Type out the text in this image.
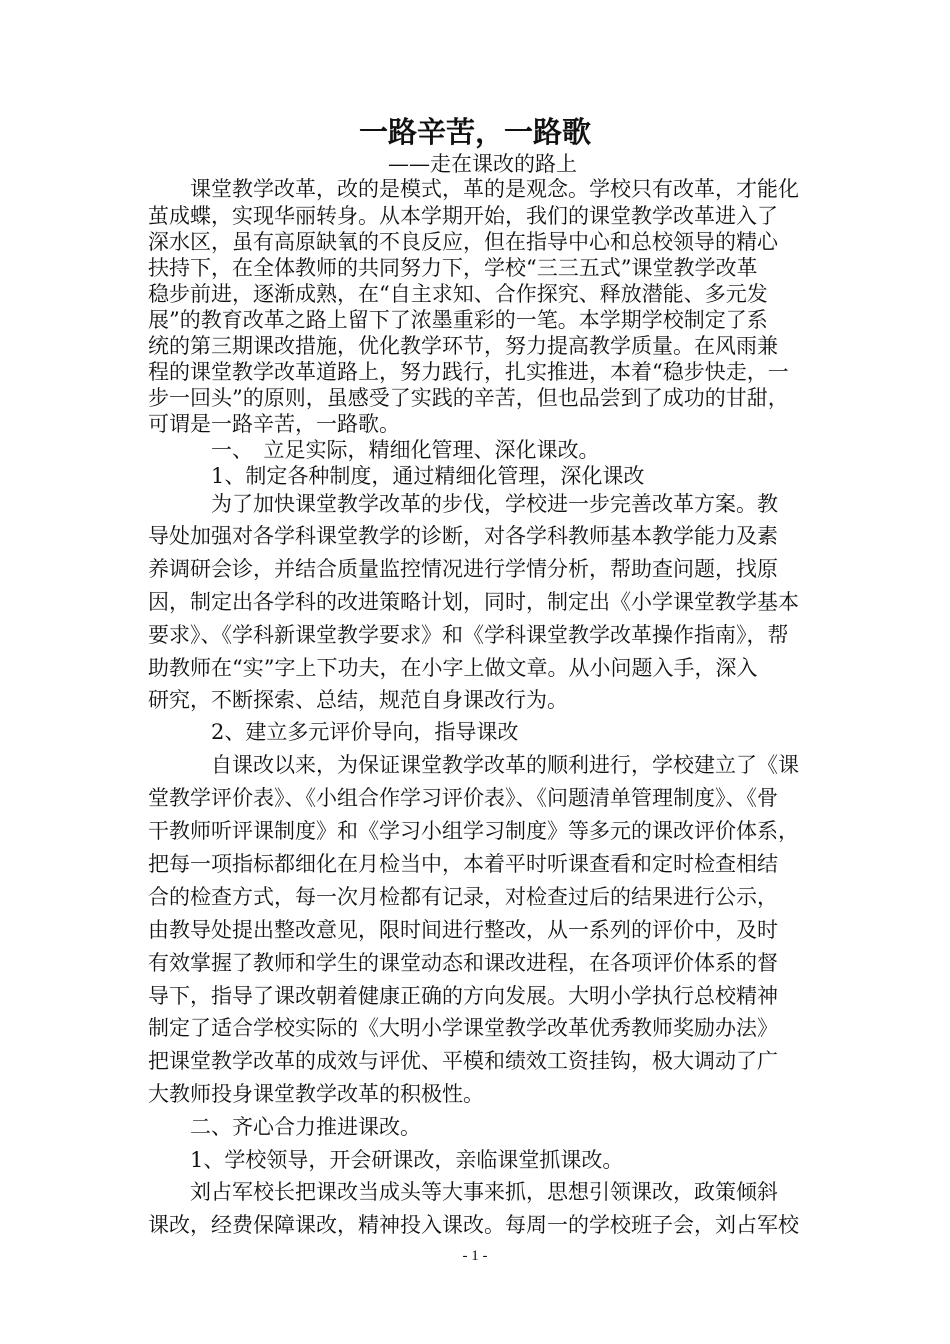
一路辛苦，一路歌
——走在课改的路上
　　课堂教学改革，改的是模式，革的是观念。学校只有改革，才能化
茧成蝶，实现华丽转身。从本学期开始，我们的课堂教学改革进入了
深水区，虽有高原缺氧的不良反应，但在指导中心和总校领导的精心
扶持下，在全体教师的共同努力下，学校“三三五式”课堂教学改革
稳步前进，逐渐成熟，在“自主求知、合作探究、释放潜能、多元发
展”的教育改革之路上留下了浓墨重彩的一笔。本学期学校制定了系
统的第三期课改措施，优化教学环节，努力提高教学质量。在风雨兼
程的课堂教学改革道路上，努力践行，扎实推进，本着“稳步快走，一
步一回头”的原则，虽感受了实践的辛苦，但也品尝到了成功的甘甜，
可谓是一路辛苦，一路歌。
　　　一、　立足实际，精细化管理、深化课改。
　　　1、制定各种制度，通过精细化管理，深化课改
　　　为了加快课堂教学改革的步伐，学校进一步完善改革方案。教
导处加强对各学科课堂教学的诊断，对各学科教师基本教学能力及素
养调研会诊，并结合质量监控情况进行学情分析，帮助查问题，找原
因，制定出各学科的改进策略计划，同时，制定出《小学课堂教学基本
要求》、《学科新课堂教学要求》和《学科课堂教学改革操作指南》，帮
助教师在“实”字上下功夫，在小字上做文章。从小问题入手，深入
研究，不断探索、总结，规范自身课改行为。
　　　2、建立多元评价导向，指导课改
　　　自课改以来，为保证课堂教学改革的顺利进行，学校建立了《课
堂教学评价表》、《小组合作学习评价表》、《问题清单管理制度》、《骨
干教师听评课制度》和《学习小组学习制度》等多元的课改评价体系，
把每一项指标都细化在月检当中，本着平时听课查看和定时检查相结
合的检查方式，每一次月检都有记录，对检查过后的结果进行公示，
由教导处提出整改意见，限时间进行整改，从一系列的评价中，及时
有效掌握了教师和学生的课堂动态和课改进程，在各项评价体系的督
导下，指导了课改朝着健康正确的方向发展。大明小学执行总校精神
制定了适合学校实际的《大明小学课堂教学改革优秀教师奖励办法》
把课堂教学改革的成效与评优、平模和绩效工资挂钩，极大调动了广
大教师投身课堂教学改革的积极性。
　　二、齐心合力推进课改。
　　1、学校领导，开会研课改，亲临课堂抓课改。
　　刘占军校长把课改当成头等大事来抓，思想引领课改，政策倾斜
课改，经费保障课改，精神投入课改。每周一的学校班子会，刘占军校
- 1 -
